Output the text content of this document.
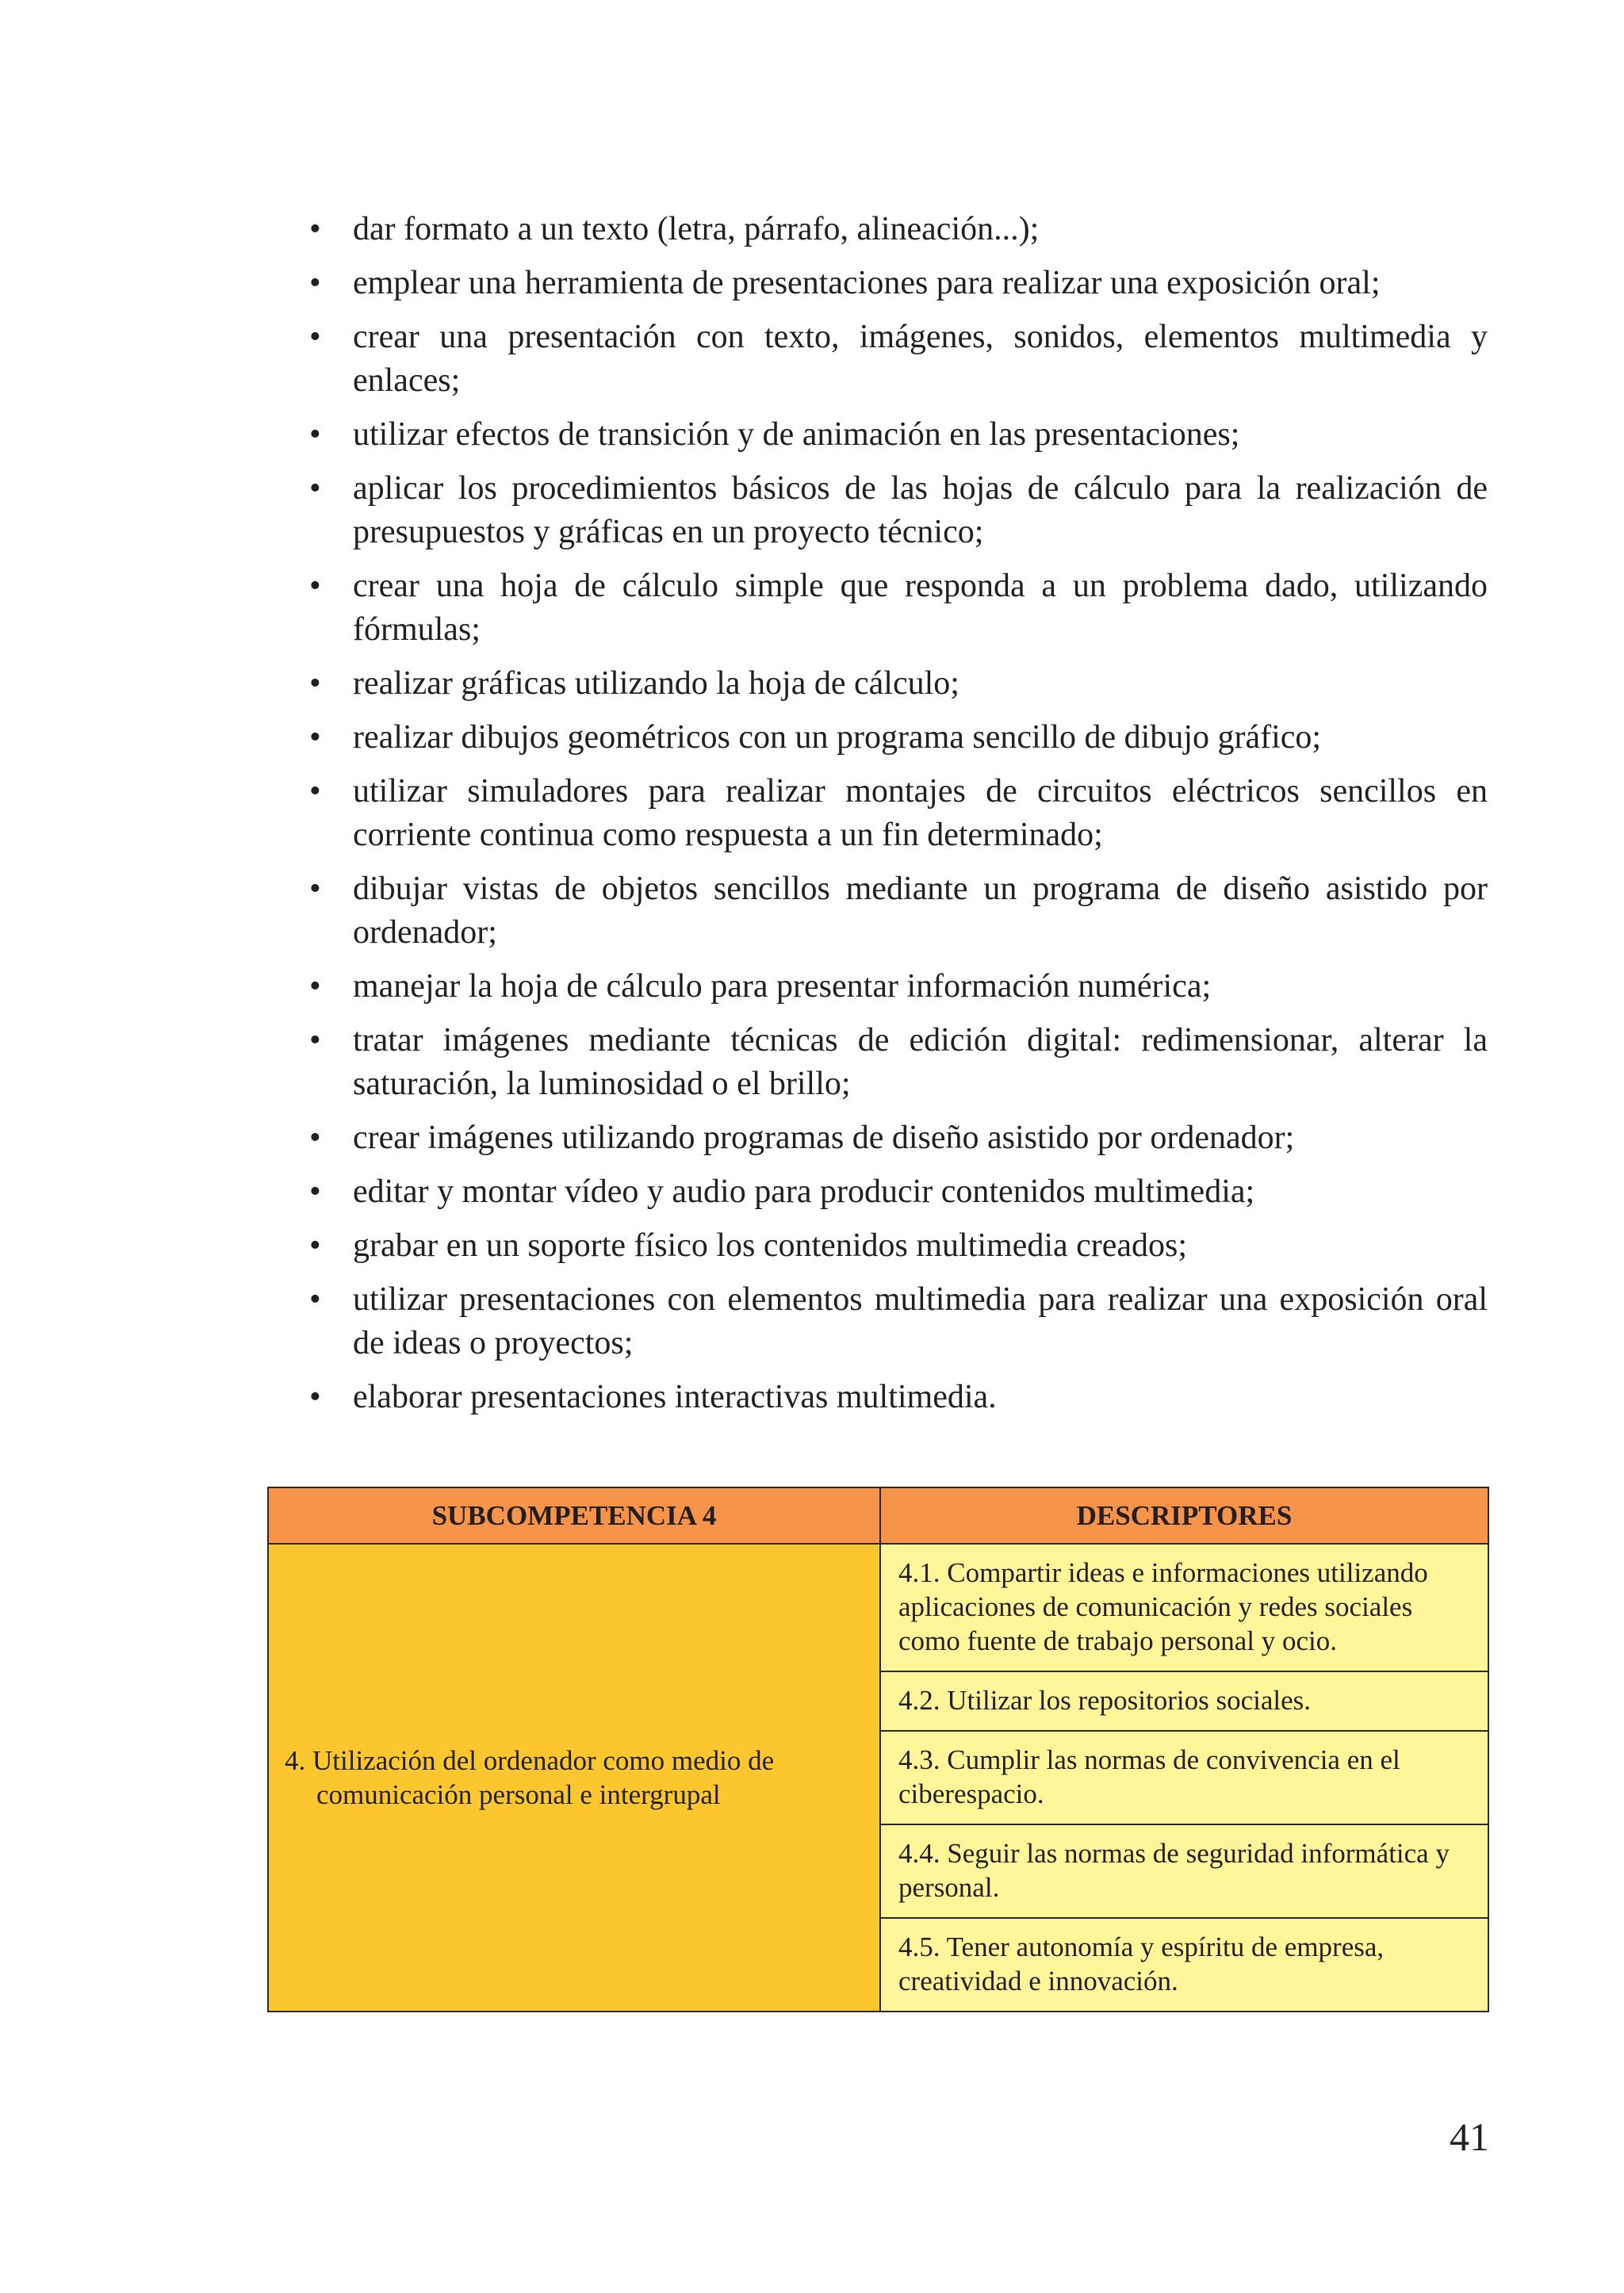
• dar formato a un texto (letra, párrafo, alineación...);
• emplear una herramienta de presentaciones para realizar una exposición oral;
• crear una presentación con texto, imágenes, sonidos, elementos multimedia y enlaces;
• utilizar efectos de transición y de animación en las presentaciones;
• aplicar los procedimientos básicos de las hojas de cálculo para la realización de presupuestos y gráficas en un proyecto técnico;
• crear una hoja de cálculo simple que responda a un problema dado, utilizando fórmulas;
• realizar gráficas utilizando la hoja de cálculo;
• realizar dibujos geométricos con un programa sencillo de dibujo gráfico;
• utilizar simuladores para realizar montajes de circuitos eléctricos sencillos en corriente continua como respuesta a un fin determinado;
• dibujar vistas de objetos sencillos mediante un programa de diseño asistido por ordenador;
• manejar la hoja de cálculo para presentar información numérica;
• tratar imágenes mediante técnicas de edición digital: redimensionar, alterar la saturación, la luminosidad o el brillo;
• crear imágenes utilizando programas de diseño asistido por ordenador;
• editar y montar vídeo y audio para producir contenidos multimedia;
• grabar en un soporte físico los contenidos multimedia creados;
• utilizar presentaciones con elementos multimedia para realizar una exposición oral de ideas o proyectos;
• elaborar presentaciones interactivas multimedia.
SUBCOMPETENCIA 4	DESCRIPTORES

4. Utilización del ordenador como medio de comunicación personal e intergrupal	4.1. Compartir ideas e informaciones utilizando aplicaciones de comunicación y redes sociales como fuente de trabajo personal y ocio.
	4.2. Utilizar los repositorios sociales.
	4.3. Cumplir las normas de convivencia en el ciberespacio.
	4.4. Seguir las normas de seguridad informática y personal.
	4.5. Tener autonomía y espíritu de empresa, creatividad e innovación.
41
